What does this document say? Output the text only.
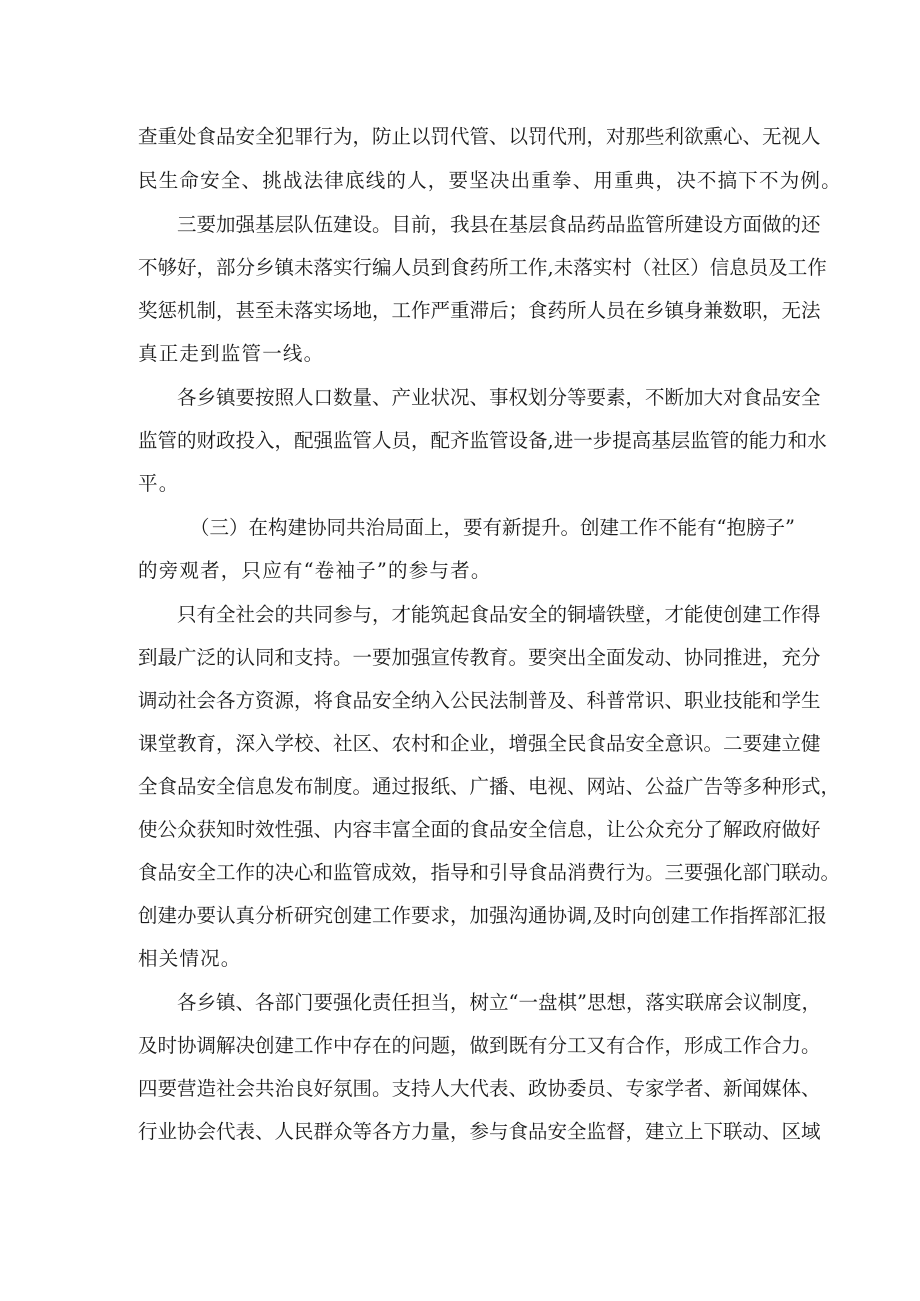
查重处食品安全犯罪行为，防止以罚代管、以罚代刑，对那些利欲熏心、无视人
民生命安全、挑战法律底线的人，要坚决出重拳、用重典，决不搞下不为例。
三要加强基层队伍建设。目前，我县在基层食品药品监管所建设方面做的还
不够好，部分乡镇未落实行编人员到食药所工作,未落实村（社区）信息员及工作
奖惩机制，甚至未落实场地，工作严重滞后；食药所人员在乡镇身兼数职，无法
真正走到监管一线。
各乡镇要按照人口数量、产业状况、事权划分等要素，不断加大对食品安全
监管的财政投入，配强监管人员，配齐监管设备,进一步提高基层监管的能力和水
平。
（三）在构建协同共治局面上，要有新提升。创建工作不能有“抱膀子”
的旁观者，只应有“卷袖子”的参与者。
只有全社会的共同参与，才能筑起食品安全的铜墙铁壁，才能使创建工作得
到最广泛的认同和支持。一要加强宣传教育。要突出全面发动、协同推进，充分
调动社会各方资源，将食品安全纳入公民法制普及、科普常识、职业技能和学生
课堂教育，深入学校、社区、农村和企业，增强全民食品安全意识。二要建立健
全食品安全信息发布制度。通过报纸、广播、电视、网站、公益广告等多种形式，
使公众获知时效性强、内容丰富全面的食品安全信息，让公众充分了解政府做好
食品安全工作的决心和监管成效，指导和引导食品消费行为。三要强化部门联动。
创建办要认真分析研究创建工作要求，加强沟通协调,及时向创建工作指挥部汇报
相关情况。
各乡镇、各部门要强化责任担当，树立“一盘棋”思想，落实联席会议制度，
及时协调解决创建工作中存在的问题，做到既有分工又有合作，形成工作合力。
四要营造社会共治良好氛围。支持人大代表、政协委员、专家学者、新闻媒体、
行业协会代表、人民群众等各方力量，参与食品安全监督，建立上下联动、区域
